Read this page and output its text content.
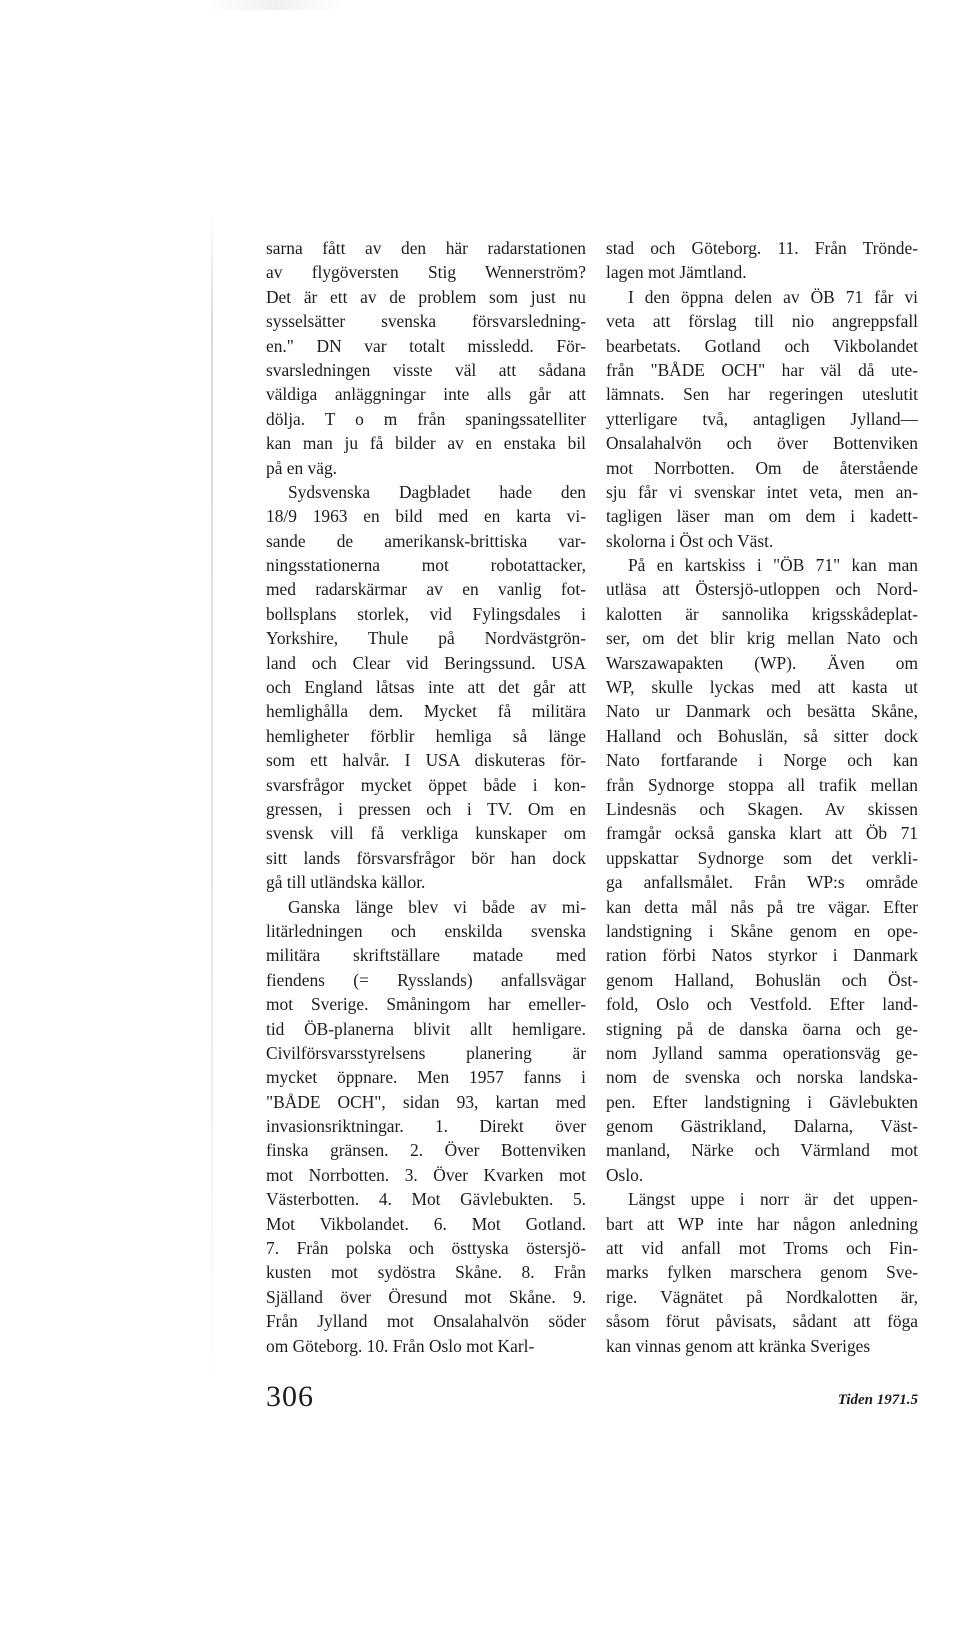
sarna fått av den här radarstationen
av flygöversten Stig Wennerström?
Det är ett av de problem som just nu
sysselsätter svenska försvarsledning-
en." DN var totalt missledd. För-
svarsledningen visste väl att sådana
väldiga anläggningar inte alls går att
dölja. T o m från spaningssatelliter
kan man ju få bilder av en enstaka bil
på en väg.
Sydsvenska Dagbladet hade den
18/9 1963 en bild med en karta vi-
sande de amerikansk-brittiska var-
ningsstationerna mot robotattacker,
med radarskärmar av en vanlig fot-
bollsplans storlek, vid Fylingsdales i
Yorkshire, Thule på Nordvästgrön-
land och Clear vid Beringssund. USA
och England låtsas inte att det går att
hemlighålla dem. Mycket få militära
hemligheter förblir hemliga så länge
som ett halvår. I USA diskuteras för-
svarsfrågor mycket öppet både i kon-
gressen, i pressen och i TV. Om en
svensk vill få verkliga kunskaper om
sitt lands försvarsfrågor bör han dock
gå till utländska källor.
Ganska länge blev vi både av mi-
litärledningen och enskilda svenska
militära skriftställare matade med
fiendens (= Rysslands) anfallsvägar
mot Sverige. Småningom har emeller-
tid ÖB-planerna blivit allt hemligare.
Civilförsvarsstyrelsens planering är
mycket öppnare. Men 1957 fanns i
"BÅDE OCH", sidan 93, kartan med
invasionsriktningar. 1. Direkt över
finska gränsen. 2. Över Bottenviken
mot Norrbotten. 3. Över Kvarken mot
Västerbotten. 4. Mot Gävlebukten. 5.
Mot Vikbolandet. 6. Mot Gotland.
7. Från polska och östtyska östersjö-
kusten mot sydöstra Skåne. 8. Från
Själland över Öresund mot Skåne. 9.
Från Jylland mot Onsalahalvön söder
om Göteborg. 10. Från Oslo mot Karl-
stad och Göteborg. 11. Från Trönde-
lagen mot Jämtland.
I den öppna delen av ÖB 71 får vi
veta att förslag till nio angreppsfall
bearbetats. Gotland och Vikbolandet
från "BÅDE OCH" har väl då ute-
lämnats. Sen har regeringen uteslutit
ytterligare två, antagligen Jylland—
Onsalahalvön och över Bottenviken
mot Norrbotten. Om de återstående
sju får vi svenskar intet veta, men an-
tagligen läser man om dem i kadett-
skolorna i Öst och Väst.
På en kartskiss i "ÖB 71" kan man
utläsa att Östersjö-utloppen och Nord-
kalotten är sannolika krigsskådeplat-
ser, om det blir krig mellan Nato och
Warszawapakten (WP). Även om
WP, skulle lyckas med att kasta ut
Nato ur Danmark och besätta Skåne,
Halland och Bohuslän, så sitter dock
Nato fortfarande i Norge och kan
från Sydnorge stoppa all trafik mellan
Lindesnäs och Skagen. Av skissen
framgår också ganska klart att Öb 71
uppskattar Sydnorge som det verkli-
ga anfallsmålet. Från WP:s område
kan detta mål nås på tre vägar. Efter
landstigning i Skåne genom en ope-
ration förbi Natos styrkor i Danmark
genom Halland, Bohuslän och Öst-
fold, Oslo och Vestfold. Efter land-
stigning på de danska öarna och ge-
nom Jylland samma operationsväg ge-
nom de svenska och norska landska-
pen. Efter landstigning i Gävlebukten
genom Gästrikland, Dalarna, Väst-
manland, Närke och Värmland mot
Oslo.
Längst uppe i norr är det uppen-
bart att WP inte har någon anledning
att vid anfall mot Troms och Fin-
marks fylken marschera genom Sve-
rige. Vägnätet på Nordkalotten är,
såsom förut påvisats, sådant att föga
kan vinnas genom att kränka Sveriges
306	Tiden 1971.5
